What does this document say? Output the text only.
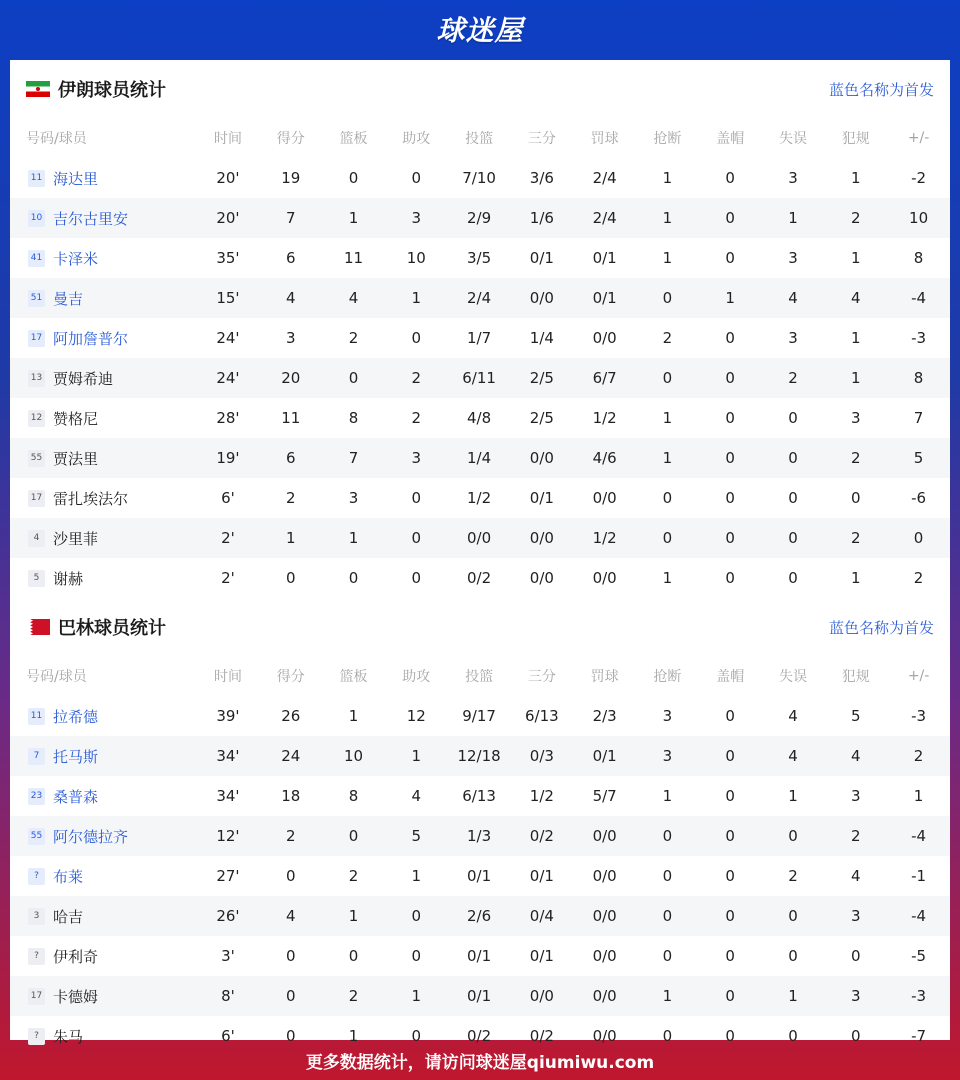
球迷屋
伊朗球员统计	蓝色名称为首发
号码/球员	时间	得分	篮板	助攻	投篮	三分	罚球	抢断	盖帽	失误	犯规	+/-
11 海达里	20'	19	0	0	7/10	3/6	2/4	1	0	3	1	-2
10 吉尔古里安	20'	7	1	3	2/9	1/6	2/4	1	0	1	2	10
41 卡泽米	35'	6	11	10	3/5	0/1	0/1	1	0	3	1	8
51 曼吉	15'	4	4	1	2/4	0/0	0/1	0	1	4	4	-4
17 阿加詹普尔	24'	3	2	0	1/7	1/4	0/0	2	0	3	1	-3
13 贾姆希迪	24'	20	0	2	6/11	2/5	6/7	0	0	2	1	8
12 赞格尼	28'	11	8	2	4/8	2/5	1/2	1	0	0	3	7
55 贾法里	19'	6	7	3	1/4	0/0	4/6	1	0	0	2	5
17 雷扎埃法尔	6'	2	3	0	1/2	0/1	0/0	0	0	0	0	-6
4 沙里菲	2'	1	1	0	0/0	0/0	1/2	0	0	0	2	0
5 谢赫	2'	0	0	0	0/2	0/0	0/0	1	0	0	1	2
巴林球员统计	蓝色名称为首发
号码/球员	时间	得分	篮板	助攻	投篮	三分	罚球	抢断	盖帽	失误	犯规	+/-
11 拉希德	39'	26	1	12	9/17	6/13	2/3	3	0	4	5	-3
7 托马斯	34'	24	10	1	12/18	0/3	0/1	3	0	4	4	2
23 桑普森	34'	18	8	4	6/13	1/2	5/7	1	0	1	3	1
55 阿尔德拉齐	12'	2	0	5	1/3	0/2	0/0	0	0	0	2	-4
? 布莱	27'	0	2	1	0/1	0/1	0/0	0	0	2	4	-1
3 哈吉	26'	4	1	0	2/6	0/4	0/0	0	0	0	3	-4
? 伊利奇	3'	0	0	0	0/1	0/1	0/0	0	0	0	0	-5
17 卡德姆	8'	0	2	1	0/1	0/0	0/0	1	0	1	3	-3
? 朱马	6'	0	1	0	0/2	0/2	0/0	0	0	0	0	-7
更多数据统计，请访问球迷屋qiumiwu.com
